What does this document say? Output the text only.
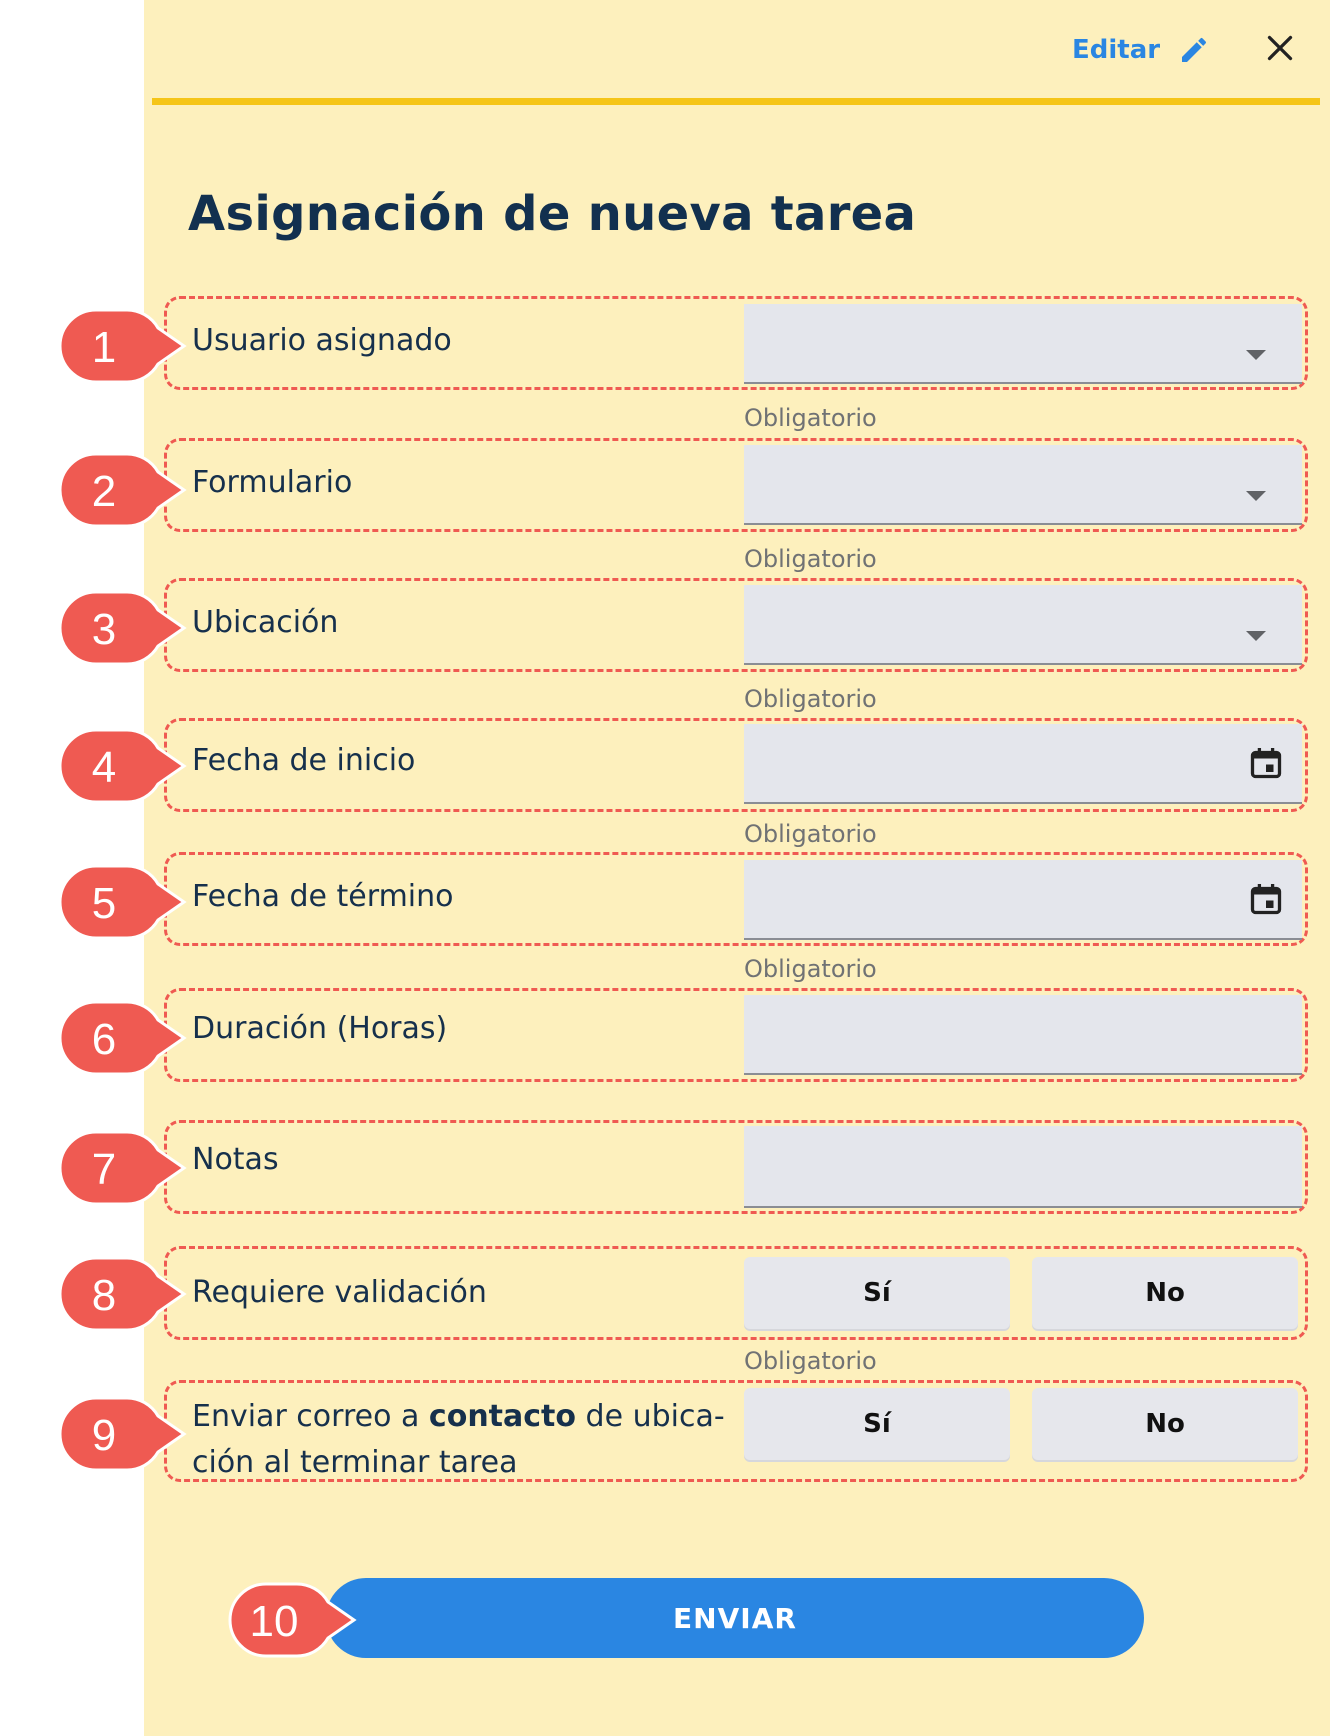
Editar
Asignación de nueva tarea
Usuario asignado
Obligatorio
Formulario
Obligatorio
Ubicación
Obligatorio
Fecha de inicio
Obligatorio
Fecha de término
Obligatorio
Duración (Horas)
Notas
Requiere validación	Sí	No
Obligatorio
Enviar correo a contacto de ubica-
ción al terminar tarea
Sí	No
ENVIAR
1
2
3
4
5
6
7
8
9
10
